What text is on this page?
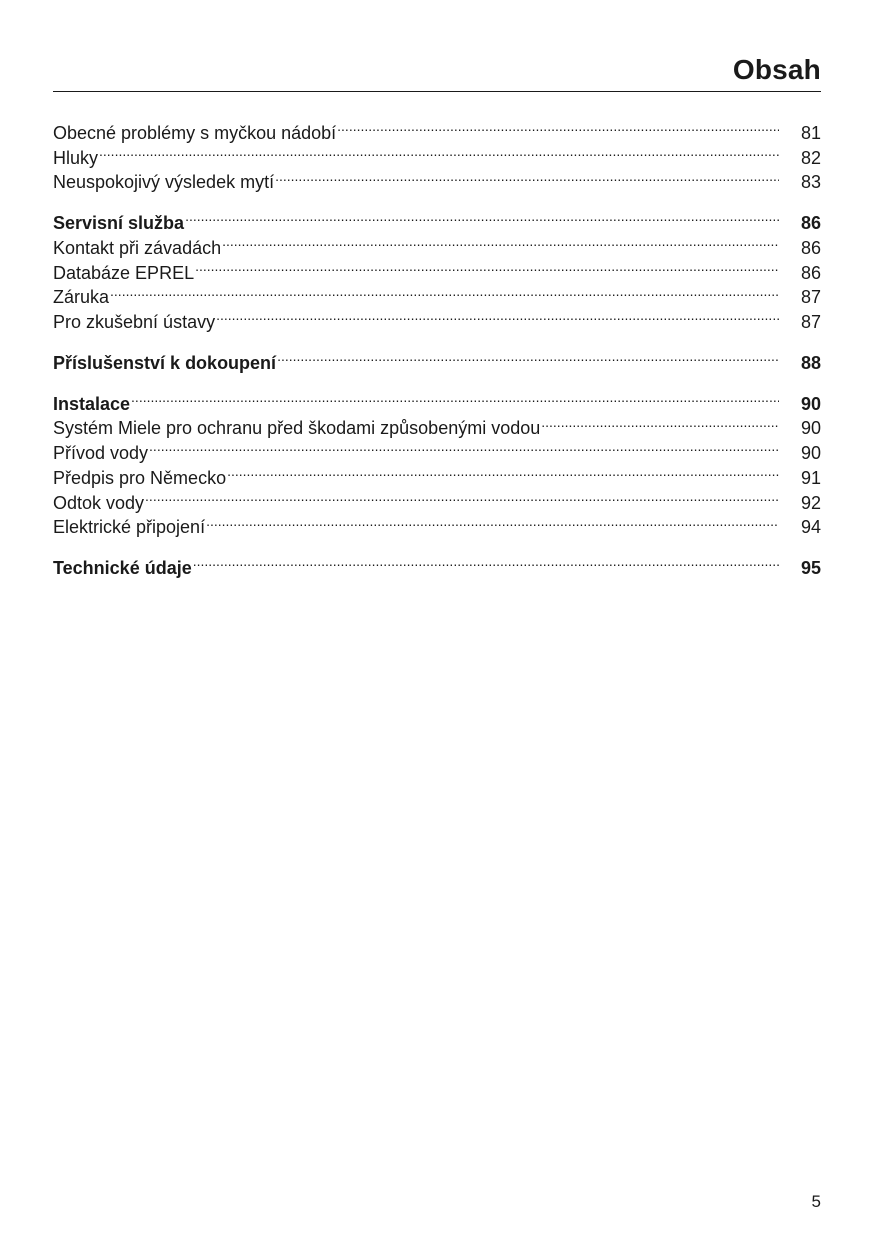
Obsah
Obecné problémy s myčkou nádobí .....	81
Hluky .....	82
Neuspokojivý výsledek mytí .....	83
Servisní služba .....	86
Kontakt při závadách .....	86
Databáze EPREL .....	86
Záruka .....	87
Pro zkušební ústavy .....	87
Příslušenství k dokoupení .....	88
Instalace .....	90
Systém Miele pro ochranu před škodami způsobenými vodou .....	90
Přívod vody .....	90
Předpis pro Německo .....	91
Odtok vody .....	92
Elektrické připojení .....	94
Technické údaje .....	95
5
